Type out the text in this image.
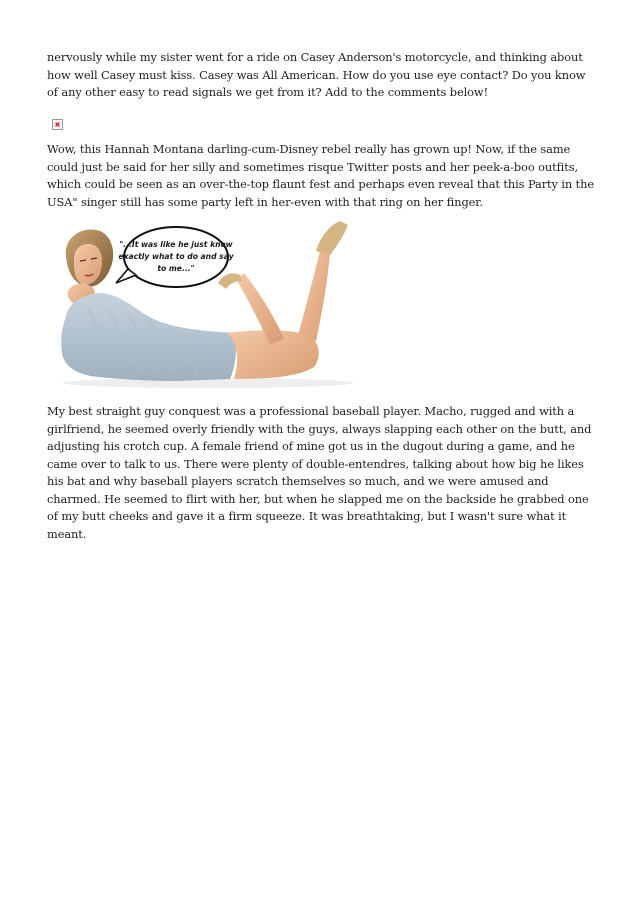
nervously while my sister went for a ride on Casey Anderson's motorcycle, and thinking about how well Casey must kiss. Casey was All American. How do you use eye contact? Do you know of any other easy to read signals we get from it? Add to the comments below!

Wow, this Hannah Montana darling-cum-Disney rebel really has grown up! Now, if the same could just be said for her silly and sometimes risque Twitter posts and her peek-a-boo outfits, which could be seen as an over-the-top flaunt fest and perhaps even reveal that this Party in the USA" singer still has some party left in her-even with that ring on her finger.

"...It was like he just knew
exactly what to do and say
to me..."

My best straight guy conquest was a professional baseball player. Macho, rugged and with a girlfriend, he seemed overly friendly with the guys, always slapping each other on the butt, and adjusting his crotch cup. A female friend of mine got us in the dugout during a game, and he came over to talk to us. There were plenty of double-entendres, talking about how big he likes his bat and why baseball players scratch themselves so much, and we were amused and charmed. He seemed to flirt with her, but when he slapped me on the backside he grabbed one of my butt cheeks and gave it a firm squeeze. It was breathtaking, but I wasn't sure what it meant.
